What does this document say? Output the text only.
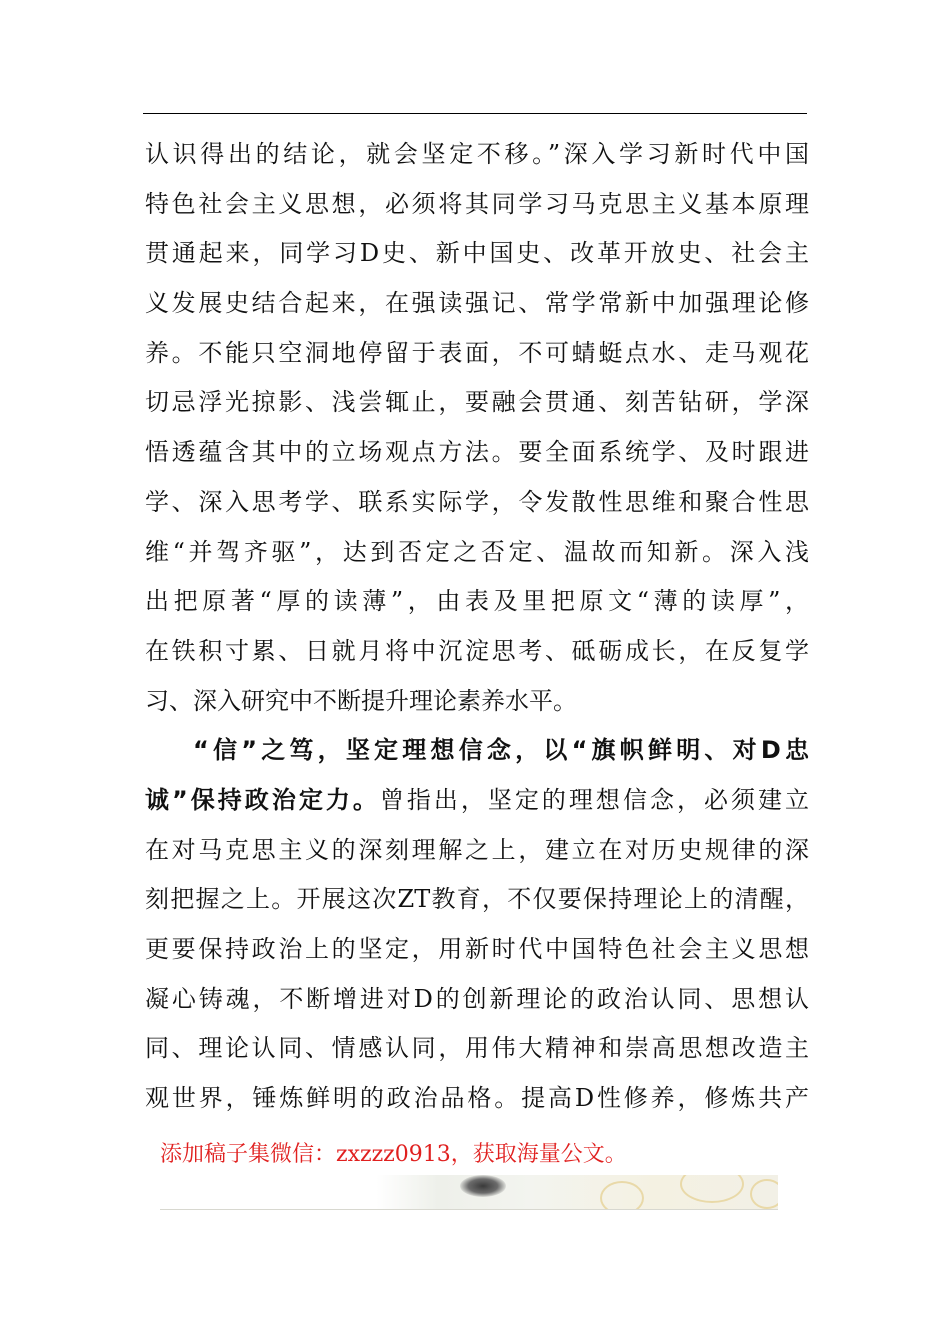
认识得出的结论，就会坚定不移。”深入学习新时代中国
特色社会主义思想，必须将其同学习马克思主义基本原理
贯通起来，同学习D史、新中国史、改革开放史、社会主
义发展史结合起来，在强读强记、常学常新中加强理论修
养。不能只空洞地停留于表面，不可蜻蜓点水、走马观花
切忌浮光掠影、浅尝辄止，要融会贯通、刻苦钻研，学深
悟透蕴含其中的立场观点方法。要全面系统学、及时跟进
学、深入思考学、联系实际学，令发散性思维和聚合性思
维“并驾齐驱”，达到否定之否定、温故而知新。深入浅
出把原著“厚的读薄”，由表及里把原文“薄的读厚”，
在铁积寸累、日就月将中沉淀思考、砥砺成长，在反复学
习、深入研究中不断提升理论素养水平。
“信”之笃，坚定理想信念，以“旗帜鲜明、对D忠
诚”保持政治定力。曾指出，坚定的理想信念，必须建立
在对马克思主义的深刻理解之上，建立在对历史规律的深
刻把握之上。开展这次ZT教育，不仅要保持理论上的清醒，
更要保持政治上的坚定，用新时代中国特色社会主义思想
凝心铸魂，不断增进对D的创新理论的政治认同、思想认
同、理论认同、情感认同，用伟大精神和崇高思想改造主
观世界，锤炼鲜明的政治品格。提高D性修养，修炼共产
添加稿子集微信：zxzzz0913，获取海量公文。
